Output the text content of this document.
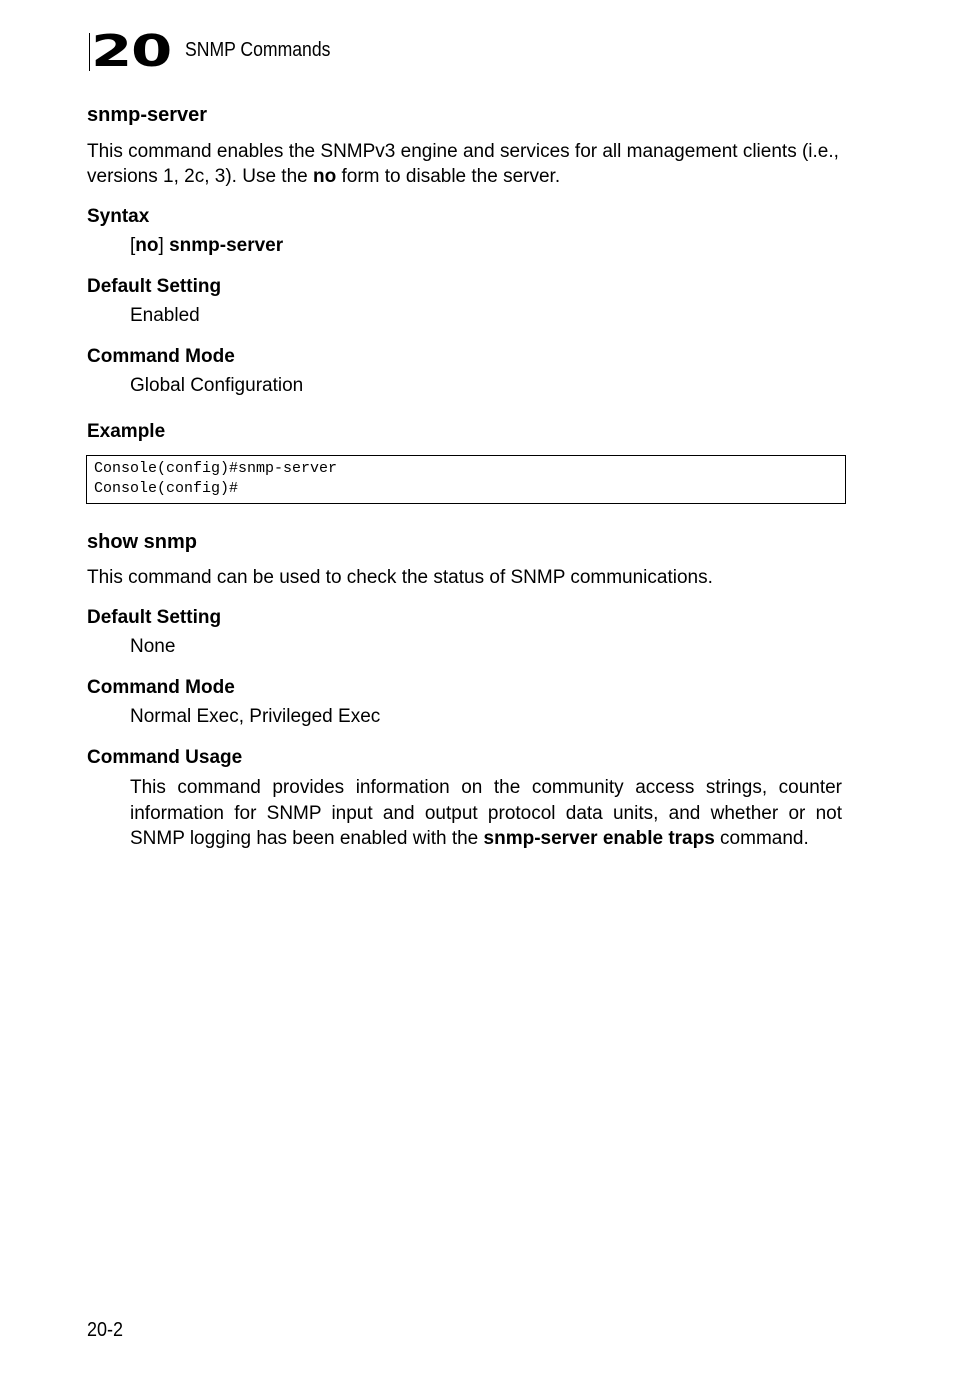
20 SNMP Commands
snmp-server
This command enables the SNMPv3 engine and services for all management clients (i.e., versions 1, 2c, 3). Use the no form to disable the server.
Syntax
[no] snmp-server
Default Setting
Enabled
Command Mode
Global Configuration
Example
Console(config)#snmp-server
Console(config)#
show snmp
This command can be used to check the status of SNMP communications.
Default Setting
None
Command Mode
Normal Exec, Privileged Exec
Command Usage
This command provides information on the community access strings, counter information for SNMP input and output protocol data units, and whether or not SNMP logging has been enabled with the snmp-server enable traps command.
20-2
